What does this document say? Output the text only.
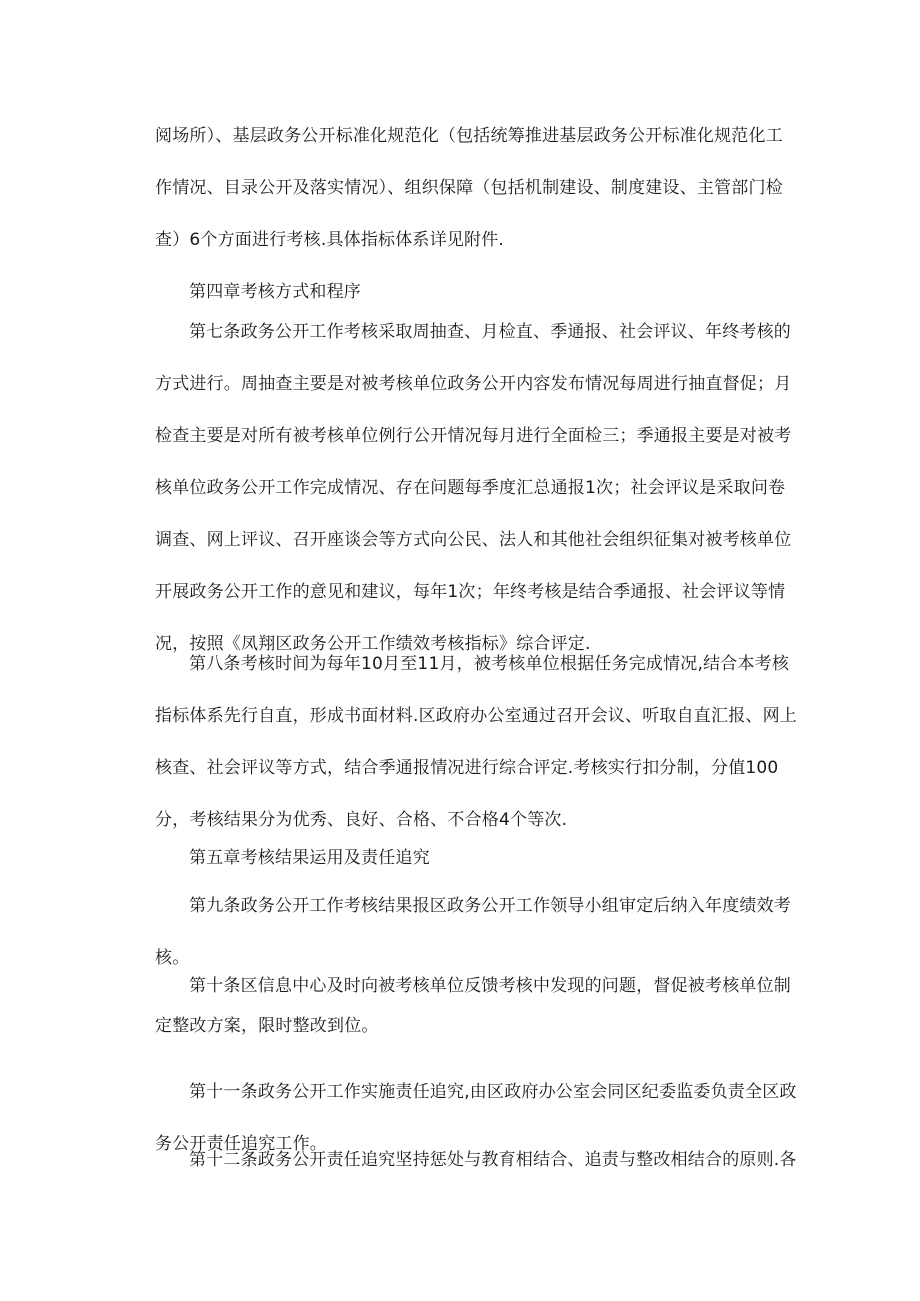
阅场所）、基层政务公开标准化规范化（包括统筹推进基层政务公开标准化规范化工
作情况、目录公开及落实情况）、组织保障（包括机制建设、制度建设、主管部门检
查）6个方面进行考核.具体指标体系详见附件.

第四章考核方式和程序

第七条政务公开工作考核采取周抽查、月检直、季通报、社会评议、年终考核的
方式进行。周抽查主要是对被考核单位政务公开内容发布情况每周进行抽直督促；月
检查主要是对所有被考核单位例行公开情况每月进行全面检三；季通报主要是对被考
核单位政务公开工作完成情况、存在问题每季度汇总通报1次；社会评议是采取问卷
调查、网上评议、召开座谈会等方式向公民、法人和其他社会组织征集对被考核单位
开展政务公开工作的意见和建议，每年1次；年终考核是结合季通报、社会评议等情
况，按照《凤翔区政务公开工作绩效考核指标》综合评定.

第八条考核时间为每年10月至11月，被考核单位根据任务完成情况,结合本考核
指标体系先行自直，形成书面材料.区政府办公室通过召开会议、听取自直汇报、网上
核查、社会评议等方式，结合季通报情况进行综合评定.考核实行扣分制，分值100
分，考核结果分为优秀、良好、合格、不合格4个等次.

第五章考核结果运用及责任追究

第九条政务公开工作考核结果报区政务公开工作领导小组审定后纳入年度绩效考
核。

第十条区信息中心及时向被考核单位反馈考核中发现的问题，督促被考核单位制
定整改方案，限时整改到位。

第十一条政务公开工作实施责任追究,由区政府办公室会同区纪委监委负责全区政
务公开责任追究工作。

第十二条政务公开责任追究坚持惩处与教育相结合、追责与整改相结合的原则.各
